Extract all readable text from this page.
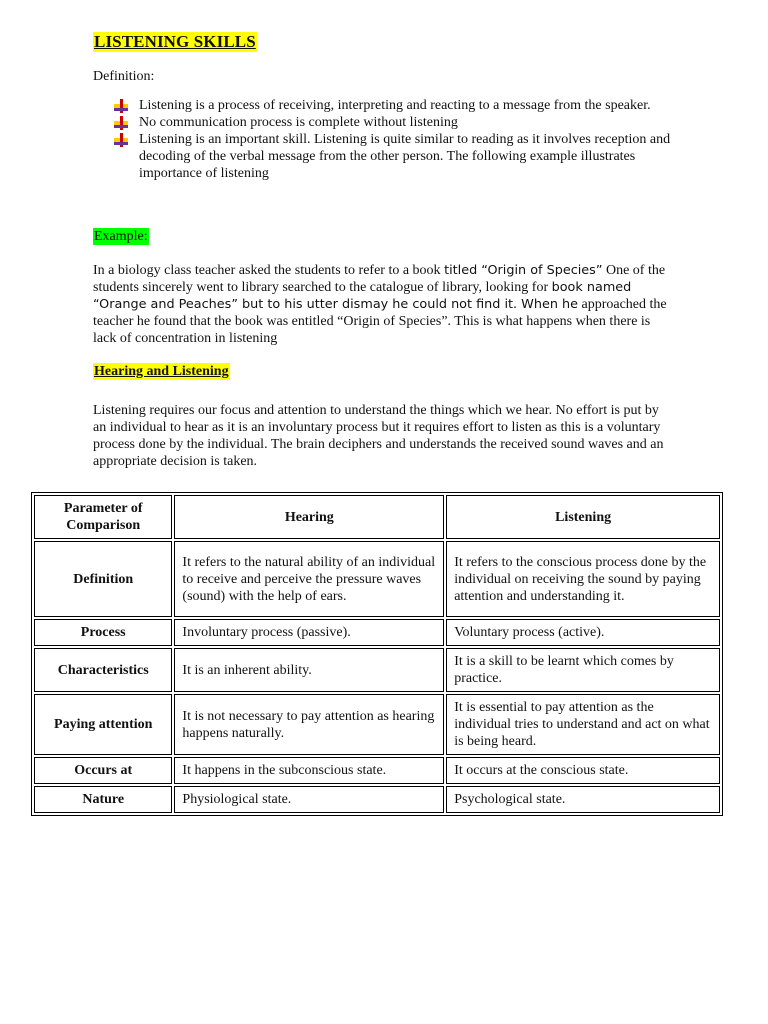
LISTENING SKILLS
Definition:
Listening is a process of receiving, interpreting and reacting to a message from the speaker.
No communication process is complete without listening
Listening is an important skill. Listening is quite similar to reading as it involves reception and decoding of the verbal message from the other person. The following example illustrates importance of listening
Example:

In a biology class teacher asked the students to refer to a book titled “Origin of Species” One of the students sincerely went to library searched to the catalogue of library, looking for book named “Orange and Peaches” but to his utter dismay he could not find it. When he approached the teacher he found that the book was entitled “Origin of Species”. This is what happens when there is lack of concentration in listening

Hearing and Listening

Listening requires our focus and attention to understand the things which we hear. No effort is put by an individual to hear as it is an involuntary process but it requires effort to listen as this is a voluntary process done by the individual. The brain deciphers and understands the received sound waves and an appropriate decision is taken.

Parameter of Comparison	Hearing	Listening
Definition	It refers to the natural ability of an individual to receive and perceive the pressure waves (sound) with the help of ears.	It refers to the conscious process done by the individual on receiving the sound by paying attention and understanding it.
Process	Involuntary process (passive).	Voluntary process (active).
Characteristics	It is an inherent ability.	It is a skill to be learnt which comes by practice.
Paying attention	It is not necessary to pay attention as hearing happens naturally.	It is essential to pay attention as the individual tries to understand and act on what is being heard.
Occurs at	It happens in the subconscious state.	It occurs at the conscious state.
Nature	Physiological state.	Psychological state.
